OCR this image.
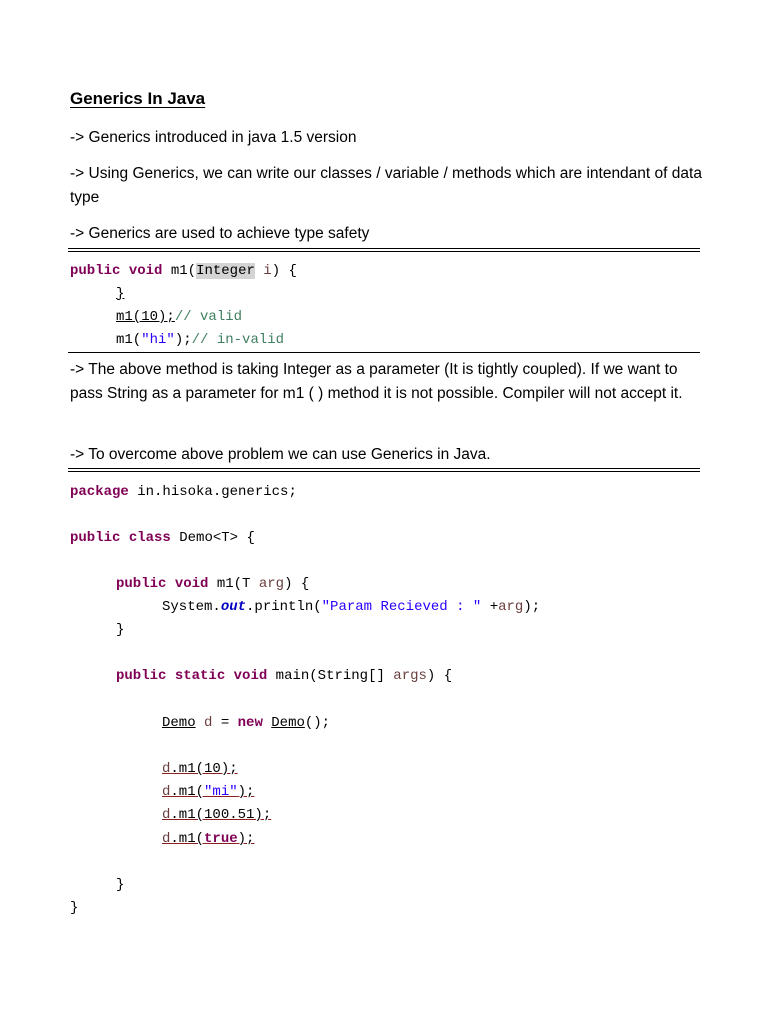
Generics In Java
-> Generics introduced in java 1.5 version
-> Using Generics, we can write our classes / variable / methods which are intendant of data type
-> Generics are used to achieve type safety
public void m1(Integer i) {
}
m1(10);// valid
m1("hi");// in-valid
-> The above method is taking Integer as a parameter (It is tightly coupled). If we want to pass String as a parameter for m1 ( ) method it is not possible. Compiler will not accept it.
-> To overcome above problem we can use Generics in Java.
package in.hisoka.generics;
public class Demo<T> {
public void m1(T arg) {
System.out.println("Param Recieved : " +arg);
}
public static void main(String[] args) {
Demo d = new Demo();
d.m1(10);
d.m1("mi");
d.m1(100.51);
d.m1(true);
}
}
